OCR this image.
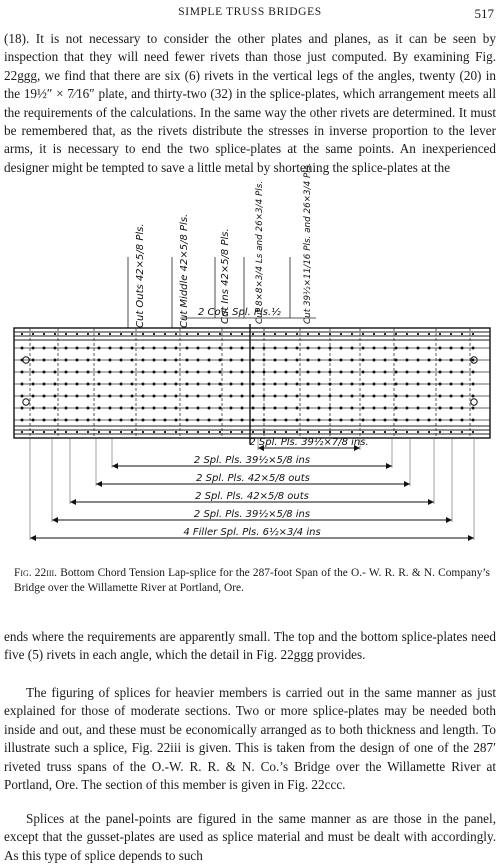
SIMPLE TRUSS BRIDGES	517

(18). It is not necessary to consider the other plates and planes, as it can be seen by inspection that they will need fewer rivets than those just computed. By examining Fig. 22ggg, we find that there are six (6) rivets in the vertical legs of the angles, twenty (20) in the 19½″ × 7⁄16″ plate, and thirty-two (32) in the splice-plates, which arrangement meets all the requirements of the calculations. In the same way the other rivets are determined. It must be remembered that, as the rivets distribute the stresses in inverse proportion to the lever arms, it is necessary to end the two splice-plates at the same points. An inexperienced designer might be tempted to save a little metal by shortening the splice-plates at the

Cut Outs 42×5/8 Pls.	Cut Middle 42×5/8 Pls.	Cut Ins 42×5/8 Pls.	Cut 8×8×3/4 Ls and 26×3/4 Pls.	Cut 39½×11/16 Pls. and 26×3/4 Pls.
2 Cov. Spl. Pls.½
2 Spl. Pls. 39½×7/8 ins.
2 Spl. Pls. 39½×5/8 ins
2 Spl. Pls. 42×5/8 outs
2 Spl. Pls. 42×5/8 outs
2 Spl. Pls. 39½×5/8 ins
4 Filler Spl. Pls. 6½×3/4 ins

Fig. 22iii. Bottom Chord Tension Lap-splice for the 287-foot Span of the O.- W. R. R. & N. Company’s Bridge over the Willamette River at Portland, Ore.

ends where the requirements are apparently small. The top and the bottom splice-plates need five (5) rivets in each angle, which the detail in Fig. 22ggg provides.

The figuring of splices for heavier members is carried out in the same manner as just explained for those of moderate sections. Two or more splice-plates may be needed both inside and out, and these must be economically arranged as to both thickness and length. To illustrate such a splice, Fig. 22iii is given. This is taken from the design of one of the 287′ riveted truss spans of the O.-W. R. R. & N. Co.’s Bridge over the Willamette River at Portland, Ore. The section of this member is given in Fig. 22ccc.

Splices at the panel-points are figured in the same manner as are those in the panel, except that the gusset-plates are used as splice material and must be dealt with accordingly. As this type of splice depends to such
